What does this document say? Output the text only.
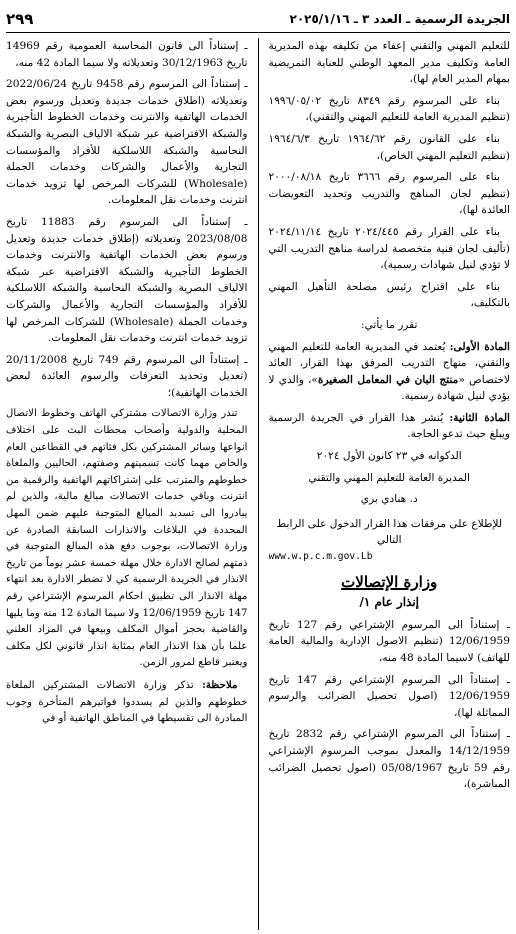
الجريدة الرسمية ـ العدد ٣ ـ ٢٠٢٥/١/١٦
٢٩٩

للتعليم المهني والتقني إعفاء من تكليفه بهذه المديرية العامة وتكليف مدير المعهد الوطني للعناية التمريضية بمهام المدير العام لها)،

بناء على المرسوم رقم ٨٣٤٩ تاريخ ١٩٩٦/٠٥/٠٢ (تنظيم المديرية العامة للتعليم المهني والتقني)،

بناء على القانون رقم ١٩٦٤/٦٢ تاريخ ١٩٦٤/٦/٣ (تنظيم التعليم المهني الخاص)،

بناء على المرسوم رقم ٣٦٦٦ تاريخ ٢٠٠٠/٠٨/١٨ (تنظيم لجان المناهج والتدريب وتحديد التعويضات العائدة لها)،

بناء على القرار رقم ٢٠٢٤/٤٤٥ تاريخ ٢٠٢٤/١١/١٤ (تأليف لجان فنية متخصصة لدراسة مناهج التدريب التي لا تؤدي لنيل شهادات رسمية)،

بناء على اقتراح رئيس مصلحة التأهيل المهني بالتكليف،

تقرر ما يأتي:

المادة الأولى: يُعتمد في المديرية العامة للتعليم المهني والتقني، منهاج التدريب المرفق بهذا القرار، العائد لاختصاص «منتج البان في المعامل الصغيرة»، والذي لا يؤدي لنيل شهادة رسمية.

المادة الثانية: يُنشر هذا القرار في الجريدة الرسمية ويبلغ حيث تدعو الحاجة.

الدكوانه في ٢٣ كانون الأول ٢٠٢٤

المديرة العامة للتعليم المهني والتقني

د. هنادي بري

للإطلاع على مرفقات هذا القرار الدخول على الرابط التالي

www.w.p.c.m.gov.Lb

وزارة الإتصالات
إنذار عام ١/

ـ إستناداً الى المرسوم الإشتراعي رقم 127 تاريخ 12/06/1959 (تنظيم الاصول الإدارية والمالية العامة للهاتف) لاسيما المادة 48 منه،

ـ إستناداً الى المرسوم الإشتراعي رقم 147 تاريخ 12/06/1959 (اصول تحصيل الضرائب والرسوم المماثلة لها)،

ـ إستناداً الى المرسوم الإشتراعي رقم 2832 تاريخ 14/12/1959 والمعدل بموجب المرسوم الإشتراعي رقم 59 تاريخ 05/08/1967 (اصول تحصيل الضرائب المباشرة)،

ـ إستناداً الى قانون المحاسبة العمومية رقم 14969 تاريخ 30/12/1963 وتعديلاته ولا سيما المادة 42 منه،

ـ إستناداً الى المرسوم رقم 9458 تاريخ 2022/06/24 وتعديلاته (اطلاق خدمات جديدة وتعديل ورسوم بعض الخدمات الهاتفية والانترنت وخدمات الخطوط التأجيرية والشبكة الافتراضية عبر شبكة الالياف البصرية والشبكة النحاسية والشبكة اللاسلكية للأفراد والمؤسسات التجارية والأعمال والشركات وخدمات الجملة (Wholesale) للشركات المرخص لها تزويد خدمات انترنت وخدمات نقل المعلومات.

ـ إستناداً الى المرسوم رقم 11883 تاريخ 2023/08/08 وتعديلاته (إطلاق خدمات جديدة وتعديل ورسوم بعض الخدمات الهاتفية والانترنت وخدمات الخطوط التأجيرية والشبكة الافتراضية عبر شبكة الالياف البصرية والشبكة النحاسية والشبكة اللاسلكية للأفراد والمؤسسات التجارية والأعمال والشركات وخدمات الجملة (Wholesale) للشركات المرخص لها تزويد خدمات انترنت وخدمات نقل المعلومات.

ـ إستناداً الى المرسوم رقم 749 تاريخ 20/11/2008 (تعديل وتحديد التعرفات والرسوم العائدة لبعض الخدمات الهاتفية)؛

تنذر وزارة الاتصالات مشتركي الهاتف وخطوط الاتصال المحلية والدولية وأصحاب محطات البث على اختلاف انواعها وسائر المشتركين بكل فئاتهم في القطاعين العام والخاص مهما كانت تسميتهم وصفتهم، الحاليين والملغاة خطوطهم والمترتب على إشتراكاتهم الهاتفية والرقمية من انترنت وباقي خدمات الاتصالات مبالغ مالية، والذين لم يبادروا الى تسديد المبالغ المتوجبة عليهم ضمن المهل المحددة في البلاغات والانذارات السابقة الصادرة عن وزارة الاتصالات، بوجوب دفع هذه المبالغ المتوجبة في ذمتهم لصالح الادارة خلال مهلة خمسة عشر يوماً من تاريخ الانذار في الجريدة الرسمية كي لا تضطر الادارة بعد انتهاء مهلة الانذار الى تطبيق احكام المرسوم الإشتراعي رقم 147 تاريخ 12/06/1959 ولا سيما المادة 12 منه وما يليها والقاضية بحجز أموال المكلف وبيعها في المزاد العلني علما بأن هذا الانذار العام بمثابة انذار قانوني لكل مكلف ويعتبر قاطع لمرور الزمن.

ملاحظة: تذكر وزارة الاتصالات المشتركين الملغاة خطوطهم والذين لم يسددوا فواتيرهم المتأخرة وجوب المبادرة الى تقسيطها في المناطق الهاتفية أو في
